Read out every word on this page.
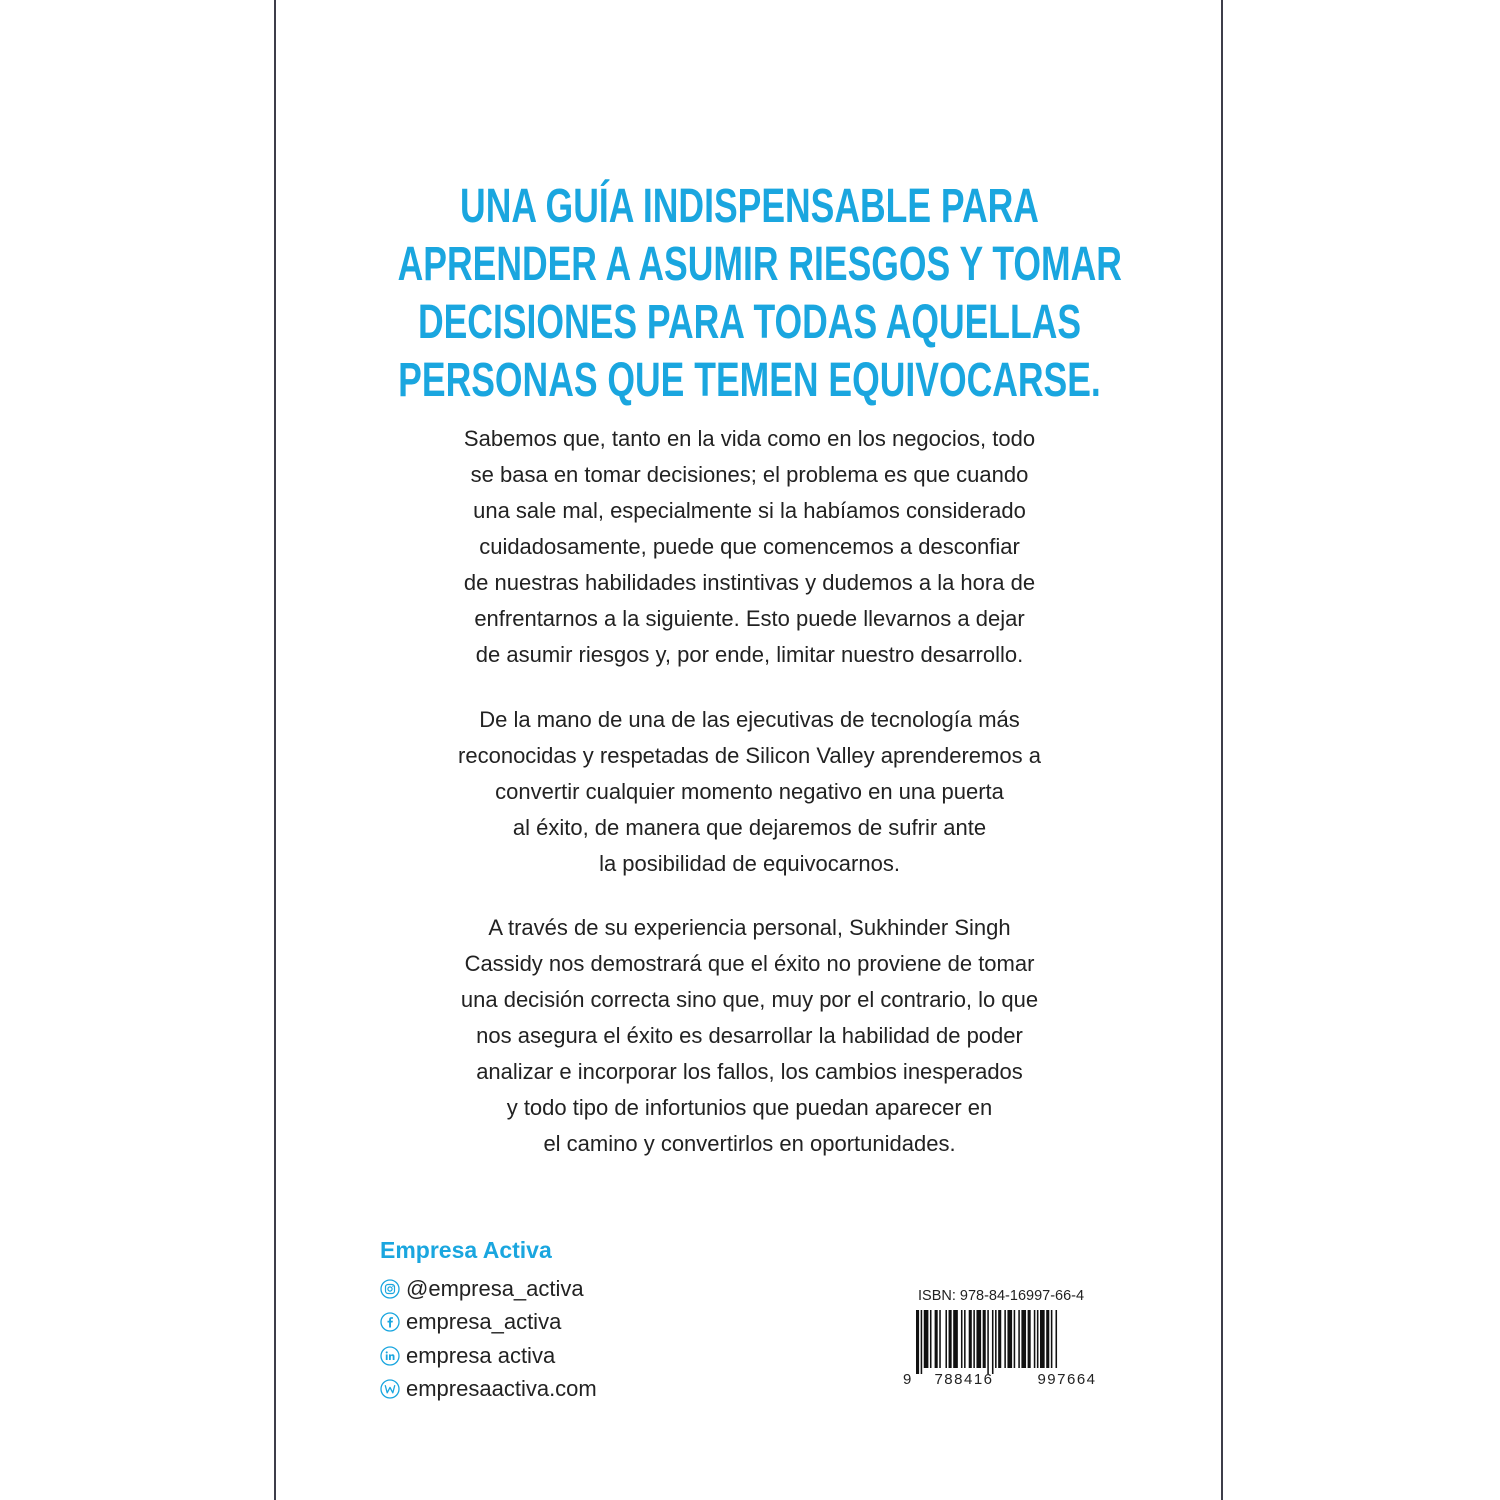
UNA GUÍA INDISPENSABLE PARA
APRENDER A ASUMIR RIESGOS Y TOMAR
DECISIONES PARA TODAS AQUELLAS
PERSONAS QUE TEMEN EQUIVOCARSE.

Sabemos que, tanto en la vida como en los negocios, todo
se basa en tomar decisiones; el problema es que cuando
una sale mal, especialmente si la habíamos considerado
cuidadosamente, puede que comencemos a desconfiar
de nuestras habilidades instintivas y dudemos a la hora de
enfrentarnos a la siguiente. Esto puede llevarnos a dejar
de asumir riesgos y, por ende, limitar nuestro desarrollo.

De la mano de una de las ejecutivas de tecnología más
reconocidas y respetadas de Silicon Valley aprenderemos a
convertir cualquier momento negativo en una puerta
al éxito, de manera que dejaremos de sufrir ante
la posibilidad de equivocarnos.

A través de su experiencia personal, Sukhinder Singh
Cassidy nos demostrará que el éxito no proviene de tomar
una decisión correcta sino que, muy por el contrario, lo que
nos asegura el éxito es desarrollar la habilidad de poder
analizar e incorporar los fallos, los cambios inesperados
y todo tipo de infortunios que puedan aparecer en
el camino y convertirlos en oportunidades.

Empresa Activa
@empresa_activa
empresa_activa
empresa activa
empresaactiva.com

ISBN: 978-84-16997-66-4

9 788416	997664
